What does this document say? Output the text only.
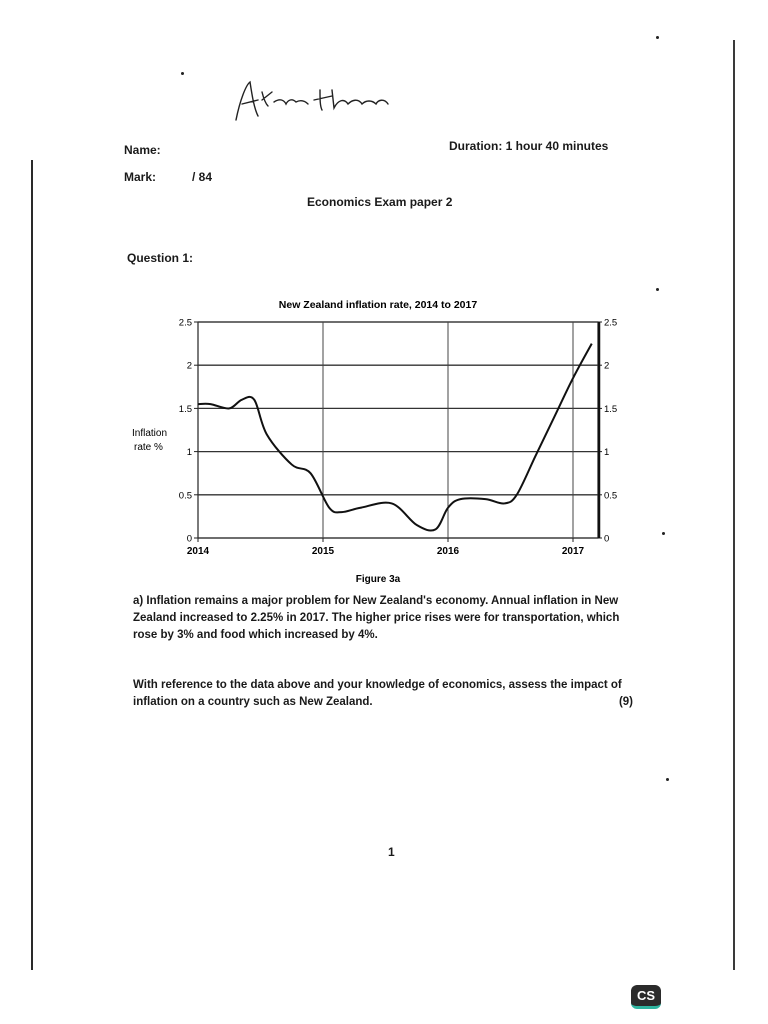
Name:
Mark:	/ 84
Duration: 1 hour 40 minutes
Economics Exam paper 2
Question 1:
New Zealand inflation rate, 2014 to 2017
Inflation
rate %
0	0
0.5	0.5
1	1
1.5	1.5
2	2
2.5	2.5
2014	2015	2016	2017
Figure 3a
a) Inflation remains a major problem for New Zealand's economy. Annual inflation in New Zealand increased to 2.25% in 2017. The higher price rises were for transportation, which rose by 3% and food which increased by 4%.
With reference to the data above and your knowledge of economics, assess the impact of inflation on a country such as New Zealand.	(9)
1
CS
